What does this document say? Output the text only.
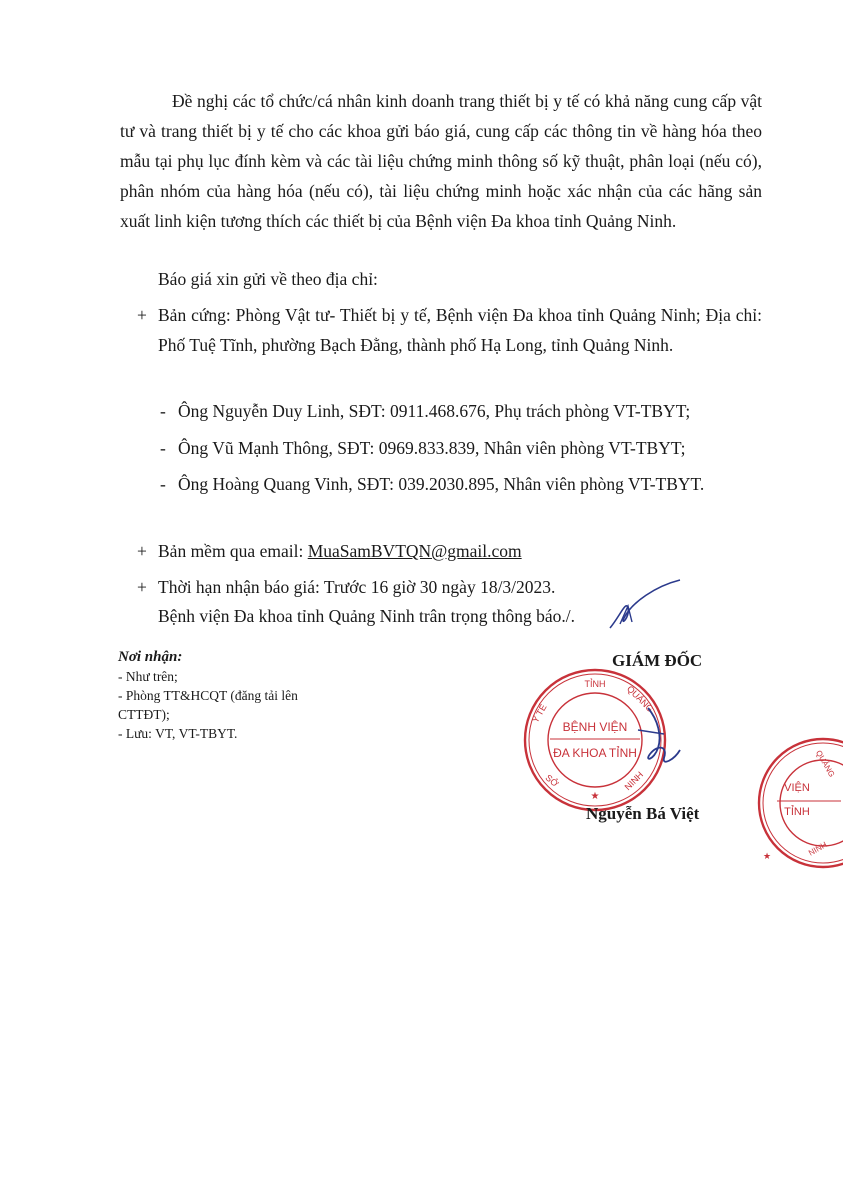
Đề nghị các tổ chức/cá nhân kinh doanh trang thiết bị y tế có khả năng cung cấp vật tư và trang thiết bị y tế cho các khoa gửi báo giá, cung cấp các thông tin về hàng hóa theo mẫu tại phụ lục đính kèm và các tài liệu chứng minh thông số kỹ thuật, phân loại (nếu có), phân nhóm của hàng hóa (nếu có), tài liệu chứng minh hoặc xác nhận của các hãng sản xuất linh kiện tương thích các thiết bị của Bệnh viện Đa khoa tỉnh Quảng Ninh.

Báo giá xin gửi về theo địa chỉ:

+ Bản cứng: Phòng Vật tư- Thiết bị y tế, Bệnh viện Đa khoa tỉnh Quảng Ninh; Địa chỉ: Phố Tuệ Tĩnh, phường Bạch Đằng, thành phố Hạ Long, tỉnh Quảng Ninh.

- Ông Nguyễn Duy Linh, SĐT: 0911.468.676, Phụ trách phòng VT-TBYT;

- Ông Vũ Mạnh Thông, SĐT: 0969.833.839, Nhân viên phòng VT-TBYT;

- Ông Hoàng Quang Vinh, SĐT: 039.2030.895, Nhân viên phòng VT-TBYT.

+ Bản mềm qua email: MuaSamBVTQN@gmail.com

+ Thời hạn nhận báo giá: Trước 16 giờ 30 ngày 18/3/2023.

Bệnh viện Đa khoa tỉnh Quảng Ninh trân trọng thông báo./.

Nơi nhận:
- Như trên;
- Phòng TT&HCQT (đăng tải lên CTTĐT);
- Lưu: VT, VT-TBYT.
GIÁM ĐỐC
TỈNH QUẢNG
Y TẾ
SỞ	NINH
★
BỆNH VIỆN
ĐA KHOA TỈNH
Nguyễn Bá Việt
VIỆN
TỈNH
QUẢNG
NINH
★
